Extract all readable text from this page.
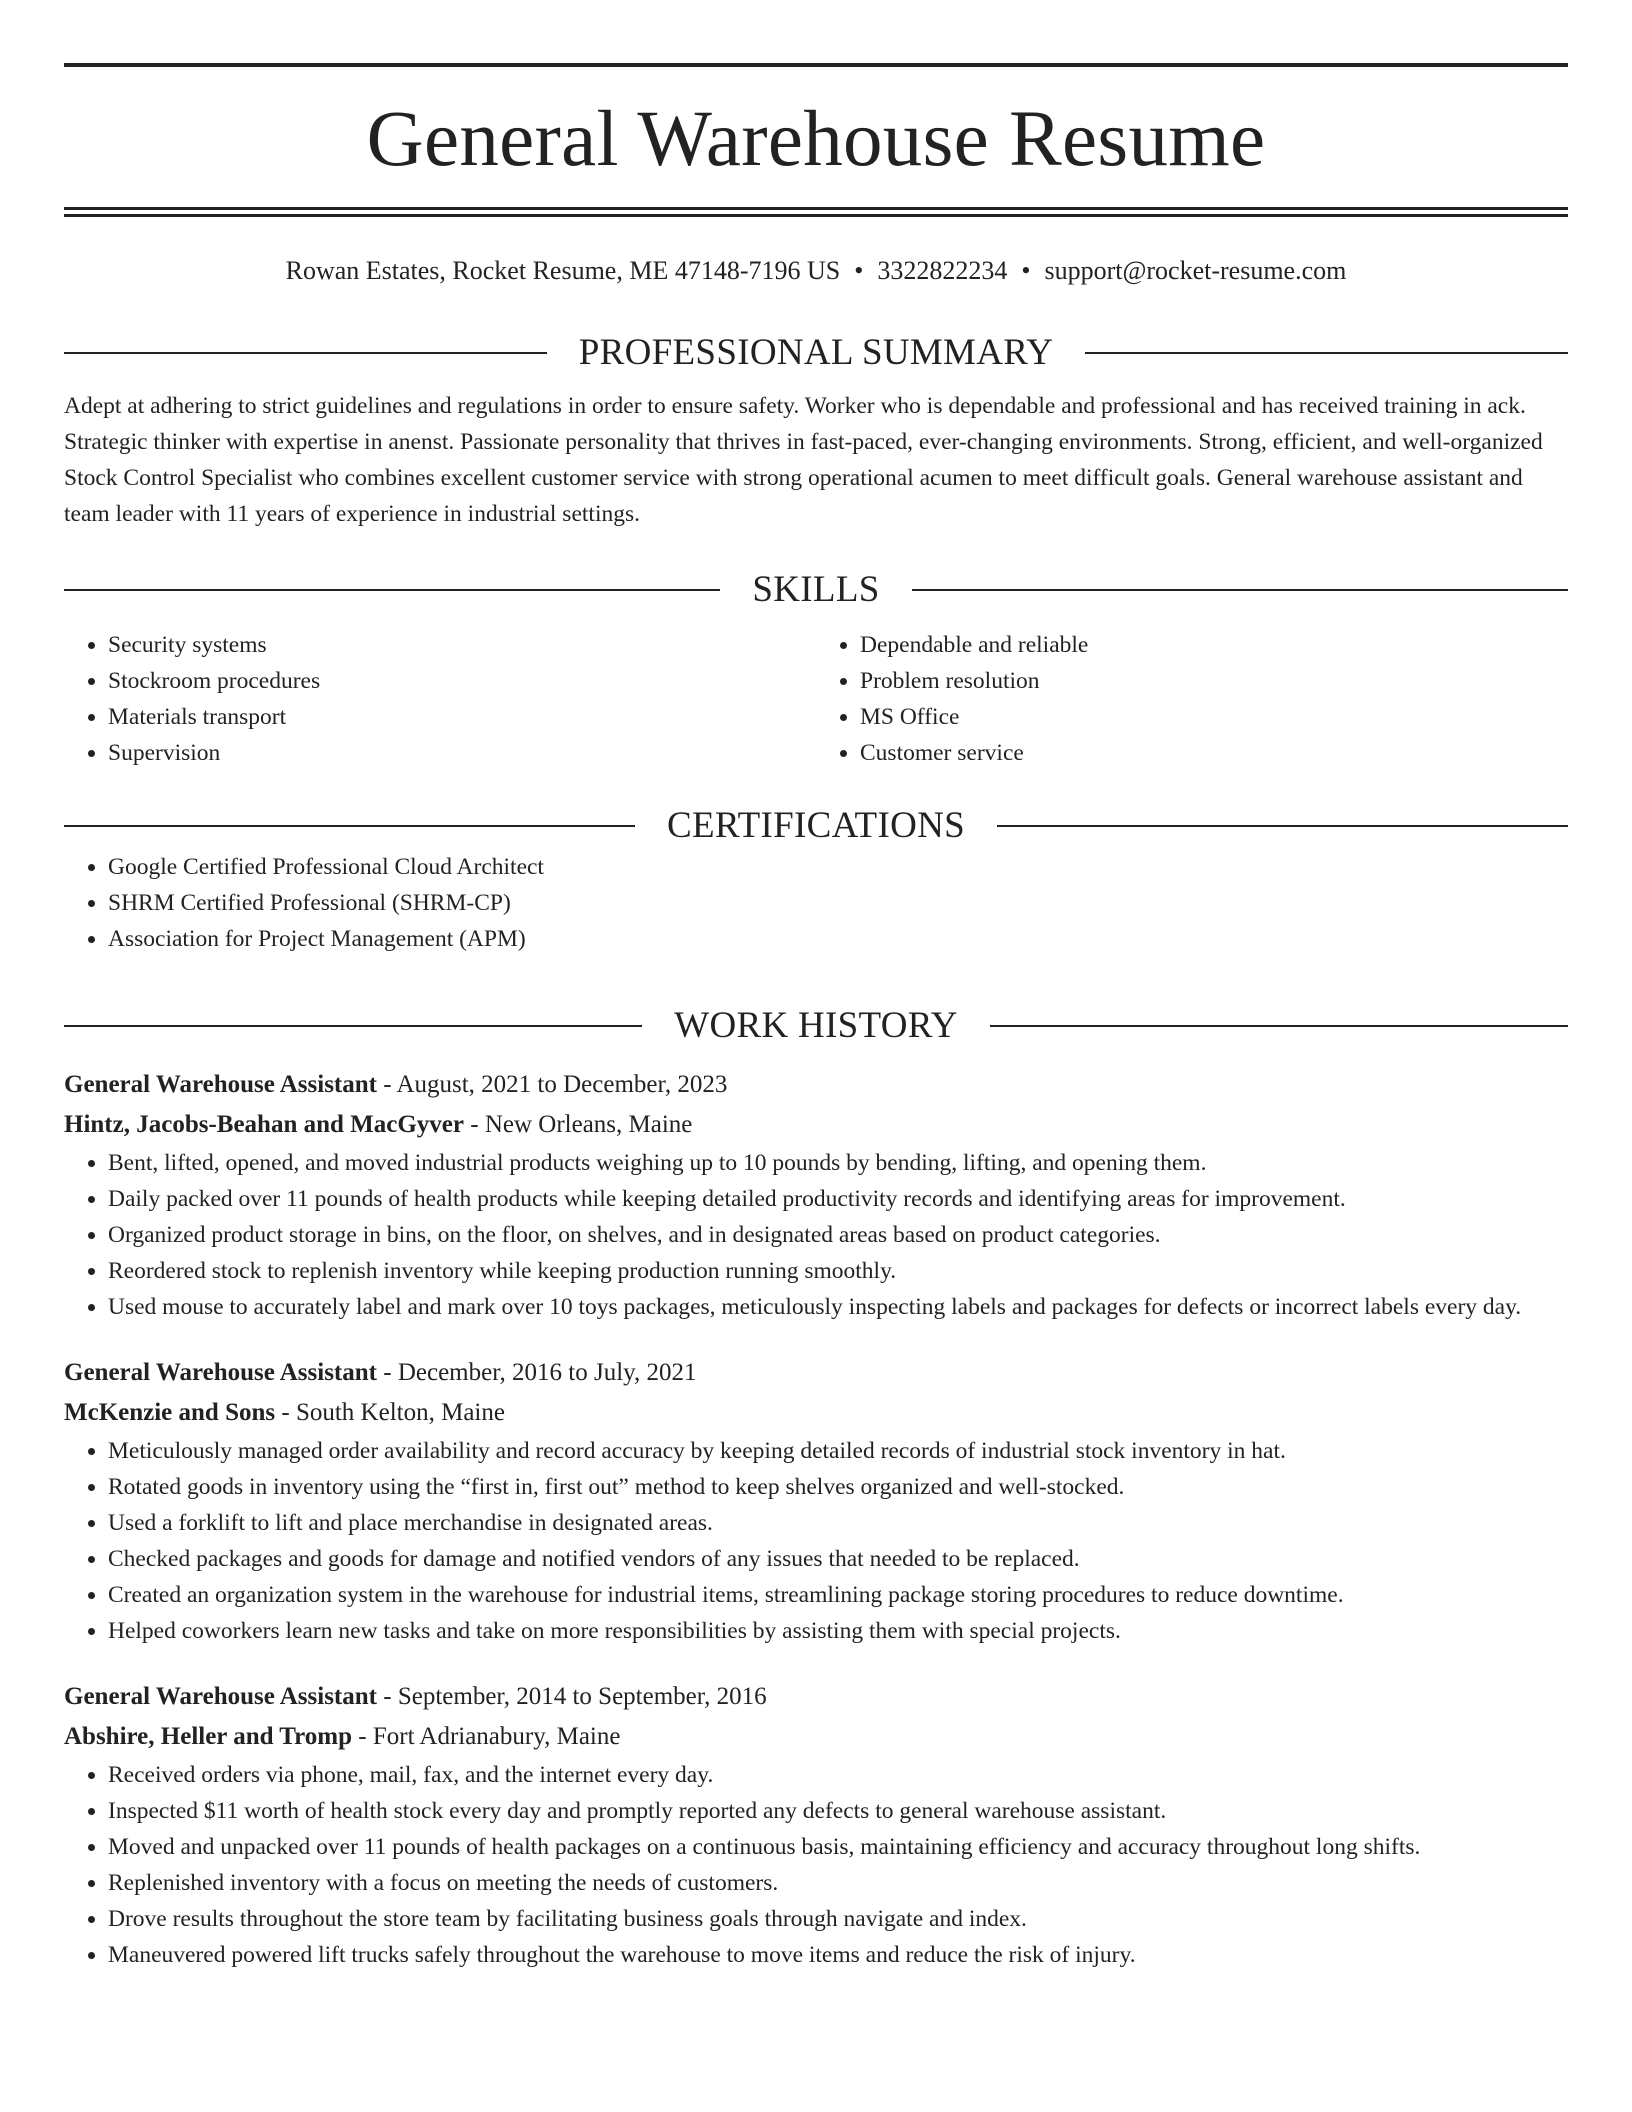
General Warehouse Resume
Rowan Estates, Rocket Resume, ME 47148-7196 US • 3322822234 • support@rocket-resume.com
PROFESSIONAL SUMMARY

Adept at adhering to strict guidelines and regulations in order to ensure safety. Worker who is dependable and professional and has received training in ack. Strategic thinker with expertise in anenst. Passionate personality that thrives in fast-paced, ever-changing environments. Strong, efficient, and well-organized Stock Control Specialist who combines excellent customer service with strong operational acumen to meet difficult goals. General warehouse assistant and team leader with 11 years of experience in industrial settings.

SKILLS
• Security systems
• Stockroom procedures
• Materials transport
• Supervision
• Dependable and reliable
• Problem resolution
• MS Office
• Customer service
CERTIFICATIONS
• Google Certified Professional Cloud Architect
• SHRM Certified Professional (SHRM-CP)
• Association for Project Management (APM)
WORK HISTORY

General Warehouse Assistant - August, 2021 to December, 2023

Hintz, Jacobs-Beahan and MacGyver - New Orleans, Maine

• Bent, lifted, opened, and moved industrial products weighing up to 10 pounds by bending, lifting, and opening them.
• Daily packed over 11 pounds of health products while keeping detailed productivity records and identifying areas for improvement.
• Organized product storage in bins, on the floor, on shelves, and in designated areas based on product categories.
• Reordered stock to replenish inventory while keeping production running smoothly.
• Used mouse to accurately label and mark over 10 toys packages, meticulously inspecting labels and packages for defects or incorrect labels every day.

General Warehouse Assistant - December, 2016 to July, 2021

McKenzie and Sons - South Kelton, Maine

• Meticulously managed order availability and record accuracy by keeping detailed records of industrial stock inventory in hat.
• Rotated goods in inventory using the “first in, first out” method to keep shelves organized and well-stocked.
• Used a forklift to lift and place merchandise in designated areas.
• Checked packages and goods for damage and notified vendors of any issues that needed to be replaced.
• Created an organization system in the warehouse for industrial items, streamlining package storing procedures to reduce downtime.
• Helped coworkers learn new tasks and take on more responsibilities by assisting them with special projects.

General Warehouse Assistant - September, 2014 to September, 2016

Abshire, Heller and Tromp - Fort Adrianabury, Maine

• Received orders via phone, mail, fax, and the internet every day.
• Inspected $11 worth of health stock every day and promptly reported any defects to general warehouse assistant.
• Moved and unpacked over 11 pounds of health packages on a continuous basis, maintaining efficiency and accuracy throughout long shifts.
• Replenished inventory with a focus on meeting the needs of customers.
• Drove results throughout the store team by facilitating business goals through navigate and index.
• Maneuvered powered lift trucks safely throughout the warehouse to move items and reduce the risk of injury.
